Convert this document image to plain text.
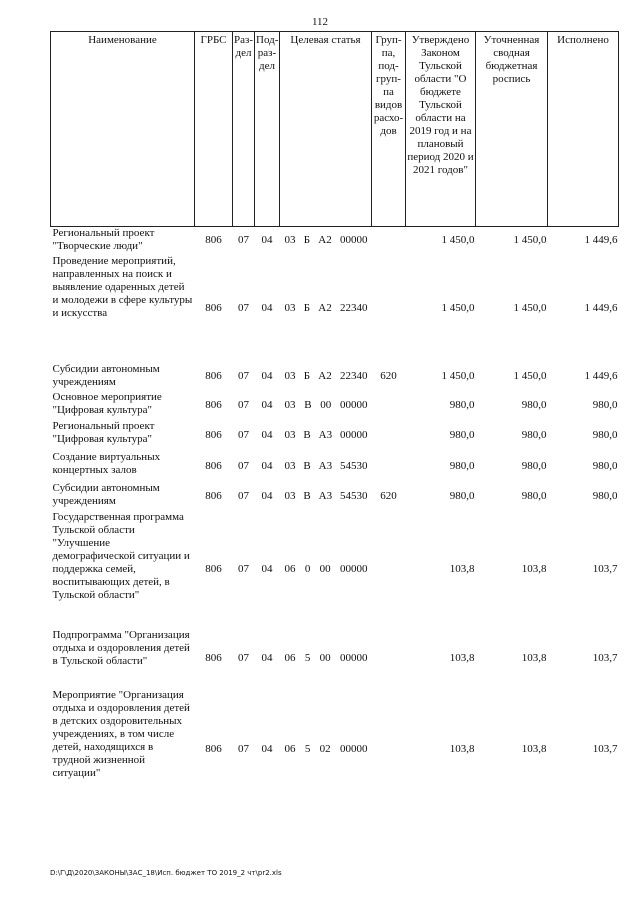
112
Наименование	ГРБС	Раз-дел	Под-раз-дел	Целевая статья	Груп-па, под-груп-па видов расхо-дов	Утверждено Законом Тульской области "О бюджете Тульской области на 2019 год и на плановый период 2020 и 2021 годов"	Уточненная сводная бюджетная роспись	Исполнено
Региональный проект "Творческие люди"	806	07	04	03 Б А2 00000		1 450,0	1 450,0	1 449,6
Проведение мероприятий, направленных на поиск и выявление одаренных детей и молодежи в сфере культуры и искусства	806	07	04	03 Б А2 22340		1 450,0	1 450,0	1 449,6
Субсидии автономным учреждениям	806	07	04	03 Б А2 22340	620	1 450,0	1 450,0	1 449,6
Основное мероприятие "Цифровая культура"	806	07	04	03 В 00 00000		980,0	980,0	980,0
Региональный проект "Цифровая культура"	806	07	04	03 В А3 00000		980,0	980,0	980,0
Создание виртуальных концертных залов	806	07	04	03 В А3 54530		980,0	980,0	980,0
Субсидии автономным учреждениям	806	07	04	03 В А3 54530	620	980,0	980,0	980,0
Государственная программа Тульской области "Улучшение демографической ситуации и поддержка семей, воспитывающих детей, в Тульской области"	806	07	04	06 0 00 00000		103,8	103,8	103,7
Подпрограмма "Организация отдыха и оздоровления детей в Тульской области"	806	07	04	06 5 00 00000		103,8	103,8	103,7
Мероприятие "Организация отдыха и оздоровления детей в детских оздоровительных учреждениях, в том числе детей, находящихся в трудной жизненной ситуации"	806	07	04	06 5 02 00000		103,8	103,8	103,7
D:\Г\Д\2020\ЗАКОНЫ\ЗАС_18\Исп. бюджет ТО 2019_2 чт\pr2.xls
